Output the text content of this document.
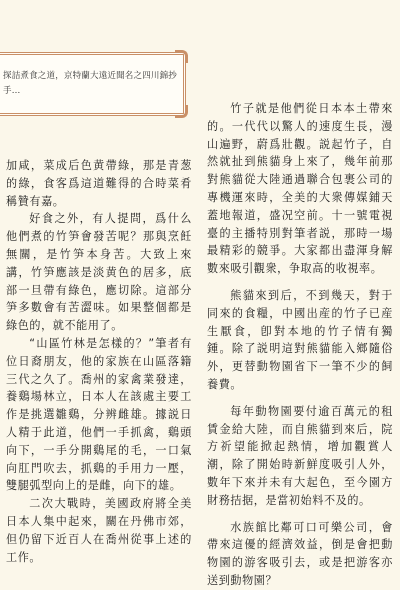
探詰煮食之道，京特蘭大遠近聞名之四川錦抄手...

加咸，菜成后色黄帶綠，那是青葱的綠，食客爲這道難得的合時菜肴稱贊有嘉。

好食之外，有人提問，爲什么他們煮的竹笋會發苦呢？那與烹飪無關，是竹笋本身苦。大致上來講，竹笋應該是淡黄色的居多，底部一旦帶有綠色，應切除。這部分笋多數會有苦澀味。如果整個都是綠色的，就不能用了。

“山區竹林是怎樣的？”筆者有位日裔朋友，他的家族在山區落籍三代之久了。喬州的家禽業發達，養鷄場林立，日本人在該處主要工作是挑選雛鷄，分辨雌雄。據説日人精于此道，他們一手抓禽，鷄頭向下，一手分開鷄尾的毛，一口氣向肛門吹去，抓鷄的手用力一壓，雙腿弧型向上的是雌，向下的雄。

二次大戰時，美國政府將全美日本人集中起來，關在丹佛市郊，但仍留下近百人在喬州從事上述的工作。

竹子就是他們從日本本土帶來的。一代代以驚人的速度生長，漫山遍野，蔚爲壯觀。説起竹子，自然就扯到熊貓身上來了，幾年前那對熊貓從大陸通過聯合包裹公司的專機運來時，全美的大衆傳媒鋪天蓋地報道，盛况空前。十一號電視臺的主播特別對筆者説，那時一場最精彩的競爭。大家都出盡渾身解數來吸引觀衆，争取高的收視率。

熊貓來到后，不到幾天，對于同來的食糧，中國出産的竹子已産生厭食，卽對本地的竹子情有獨鍾。除了説明這對熊貓能入鄉隨俗外，更替動物園省下一筆不少的飼養費。

每年動物園要付逾百萬元的租賃金給大陸，而自熊貓到來后，院方祈望能掀起熱情，增加觀賞人潮，除了開始時新鮮度吸引人外，數年下來并未有大起色，至今園方財務拮据，是當初始料不及的。

水族館比鄰可口可樂公司，會帶來這優的經濟效益，倒是會把動物園的游客吸引去，或是把游客亦送到動物園？
